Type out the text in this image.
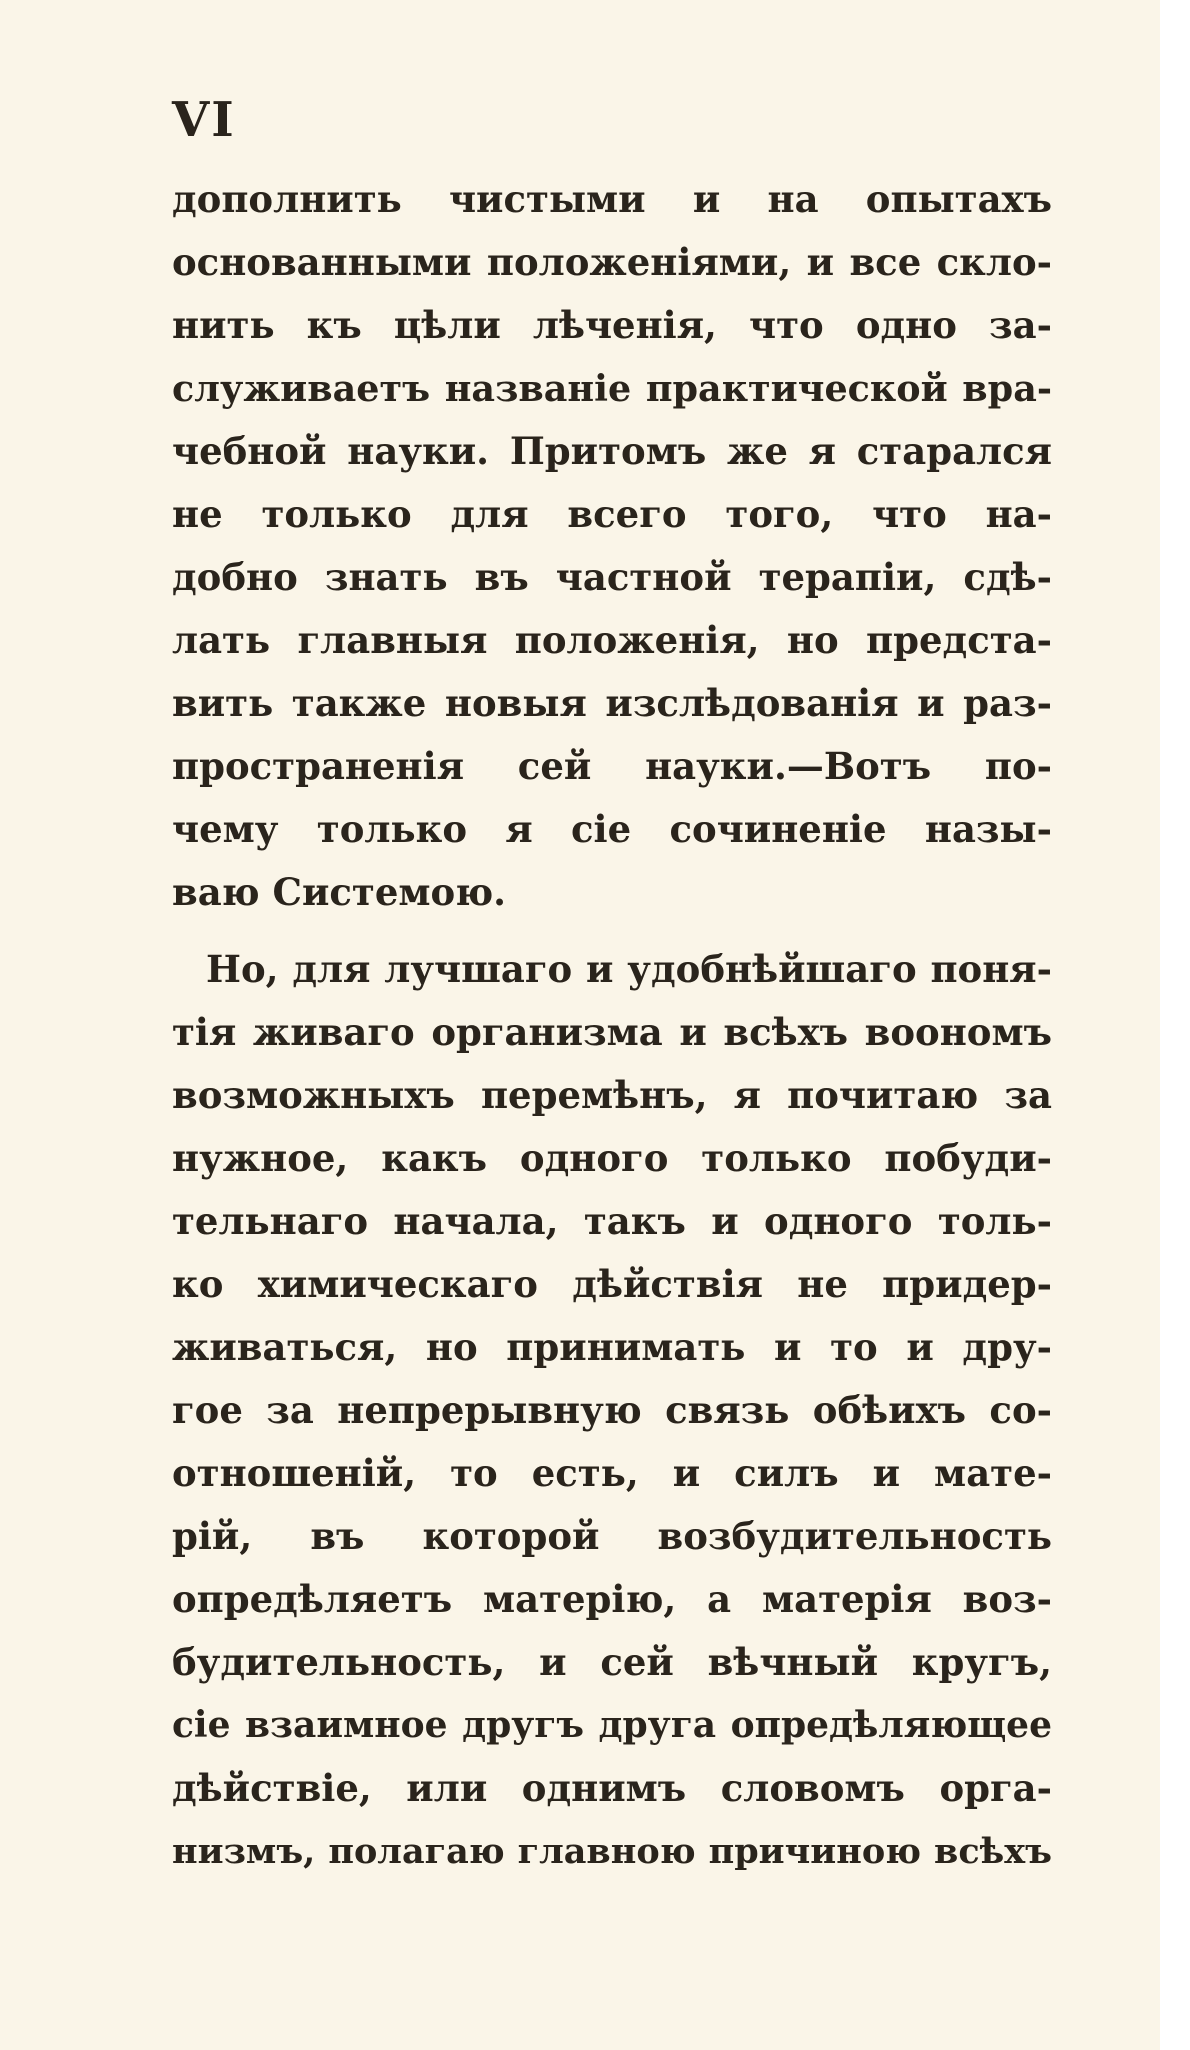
VI

дополнить чистыми и на опытахъ
основанными положенiями, и все скло-
нить къ цѣли лѣченiя, что одно за-
служиваетъ названiе практической вра-
чебной науки. Притомъ же я старался
не только для всего того, что на-
добно знать въ частной терапiи, сдѣ-
лать главныя положенiя, но предста-
вить также новыя изслѣдованiя и раз-
пространенiя сей науки.—Вотъ по-
чему только я сiе сочиненiе назы-
ваю Системою.
Но, для лучшаго и удобнѣйшаго поня-
тiя живаго организма и всѣхъ воономъ
возможныхъ перемѣнъ, я почитаю за
нужное, какъ одного только побуди-
тельнаго начала, такъ и одного толь-
ко химическаго дѣйствiя не придер-
живаться, но принимать и то и дру-
гое за непрерывную связь обѣихъ со-
отношенiй, то есть, и силъ и мате-
рiй, въ которой возбудительность
опредѣляетъ матерiю, а матерiя воз-
будительность, и сей вѣчный кругъ,
сiе взаимное другъ друга опредѣляющее
дѣйствiе, или однимъ словомъ орга-
низмъ, полагаю главною причиною всѣхъ
